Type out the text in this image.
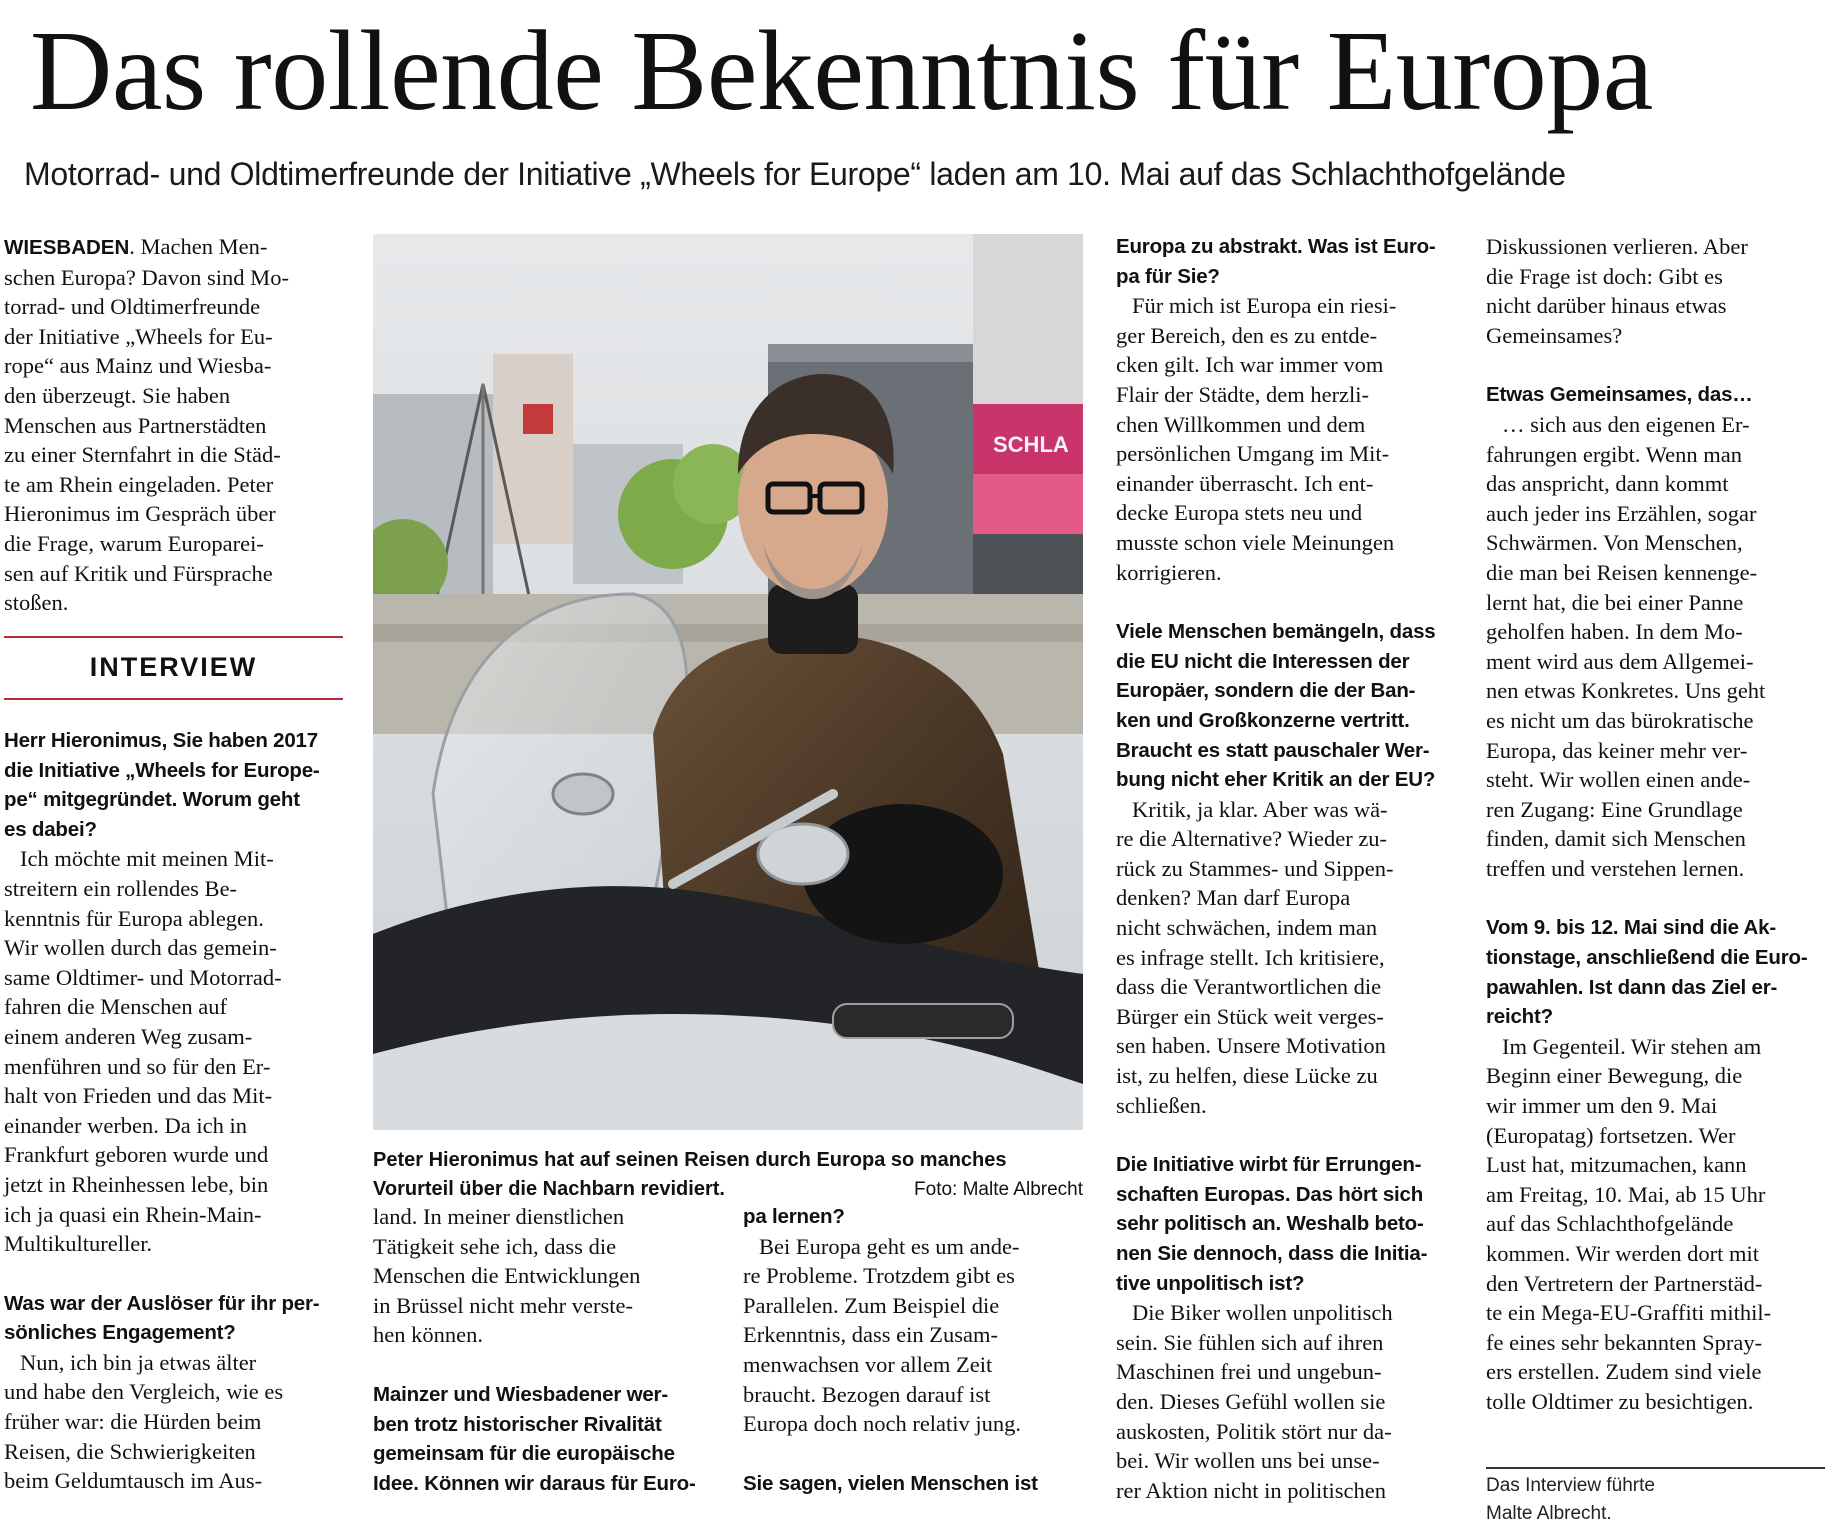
Das rollende Bekenntnis für Europa
Motorrad- und Oldtimerfreunde der Initiative „Wheels for Europe“ laden am 10. Mai auf das Schlachthofgelände

WIESBADEN. Machen Men-
schen Europa? Davon sind Mo-
torrad- und Oldtimerfreunde
der Initiative „Wheels for Eu-
rope“ aus Mainz und Wiesba-
den überzeugt. Sie haben
Menschen aus Partnerstädten
zu einer Sternfahrt in die Städ-
te am Rhein eingeladen. Peter
Hieronimus im Gespräch über
die Frage, warum Europarei-
sen auf Kritik und Fürsprache
stoßen.

INTERVIEW

Herr Hieronimus, Sie haben 2017
die Initiative „Wheels for Europe-
pe“ mitgegründet. Worum geht
es dabei?

Ich möchte mit meinen Mit-
streitern ein rollendes Be-
kenntnis für Europa ablegen.
Wir wollen durch das gemein-
same Oldtimer- und Motorrad-
fahren die Menschen auf
einem anderen Weg zusam-
menführen und so für den Er-
halt von Frieden und das Mit-
einander werben. Da ich in
Frankfurt geboren wurde und
jetzt in Rheinhessen lebe, bin
ich ja quasi ein Rhein-Main-
Multikultureller.

Was war der Auslöser für ihr per-
sönliches Engagement?

Nun, ich bin ja etwas älter
und habe den Vergleich, wie es
früher war: die Hürden beim
Reisen, die Schwierigkeiten
beim Geldumtausch im Aus-

SCHLA
Peter Hieronimus hat auf seinen Reisen durch Europa so manches Vorurteil über die Nachbarn revidiert.	Foto: Malte Albrecht

land. In meiner dienstlichen
Tätigkeit sehe ich, dass die
Menschen die Entwicklungen
in Brüssel nicht mehr verste-
hen können.

Mainzer und Wiesbadener wer-
ben trotz historischer Rivalität
gemeinsam für die europäische
Idee. Können wir daraus für Euro-

pa lernen?

Bei Europa geht es um ande-
re Probleme. Trotzdem gibt es
Parallelen. Zum Beispiel die
Erkenntnis, dass ein Zusam-
menwachsen vor allem Zeit
braucht. Bezogen darauf ist
Europa doch noch relativ jung.

Sie sagen, vielen Menschen ist

Europa zu abstrakt. Was ist Euro-
pa für Sie?

Für mich ist Europa ein riesi-
ger Bereich, den es zu entde-
cken gilt. Ich war immer vom
Flair der Städte, dem herzli-
chen Willkommen und dem
persönlichen Umgang im Mit-
einander überrascht. Ich ent-
decke Europa stets neu und
musste schon viele Meinungen
korrigieren.

Viele Menschen bemängeln, dass
die EU nicht die Interessen der
Europäer, sondern die der Ban-
ken und Großkonzerne vertritt.
Braucht es statt pauschaler Wer-
bung nicht eher Kritik an der EU?

Kritik, ja klar. Aber was wä-
re die Alternative? Wieder zu-
rück zu Stammes- und Sippen-
denken? Man darf Europa
nicht schwächen, indem man
es infrage stellt. Ich kritisiere,
dass die Verantwortlichen die
Bürger ein Stück weit verges-
sen haben. Unsere Motivation
ist, zu helfen, diese Lücke zu
schließen.

Die Initiative wirbt für Errungen-
schaften Europas. Das hört sich
sehr politisch an. Weshalb beto-
nen Sie dennoch, dass die Initia-
tive unpolitisch ist?

Die Biker wollen unpolitisch
sein. Sie fühlen sich auf ihren
Maschinen frei und ungebun-
den. Dieses Gefühl wollen sie
auskosten, Politik stört nur da-
bei. Wir wollen uns bei unse-
rer Aktion nicht in politischen

Diskussionen verlieren. Aber
die Frage ist doch: Gibt es
nicht darüber hinaus etwas
Gemeinsames?

Etwas Gemeinsames, das…

… sich aus den eigenen Er-
fahrungen ergibt. Wenn man
das anspricht, dann kommt
auch jeder ins Erzählen, sogar
Schwärmen. Von Menschen,
die man bei Reisen kennenge-
lernt hat, die bei einer Panne
geholfen haben. In dem Mo-
ment wird aus dem Allgemei-
nen etwas Konkretes. Uns geht
es nicht um das bürokratische
Europa, das keiner mehr ver-
steht. Wir wollen einen ande-
ren Zugang: Eine Grundlage
finden, damit sich Menschen
treffen und verstehen lernen.

Vom 9. bis 12. Mai sind die Ak-
tionstage, anschließend die Euro-
pawahlen. Ist dann das Ziel er-
reicht?

Im Gegenteil. Wir stehen am
Beginn einer Bewegung, die
wir immer um den 9. Mai
(Europatag) fortsetzen. Wer
Lust hat, mitzumachen, kann
am Freitag, 10. Mai, ab 15 Uhr
auf das Schlachthofgelände
kommen. Wir werden dort mit
den Vertretern der Partnerstäd-
te ein Mega-EU-Graffiti mithil-
fe eines sehr bekannten Spray-
ers erstellen. Zudem sind viele
tolle Oldtimer zu besichtigen.

Das Interview führte
Malte Albrecht.
